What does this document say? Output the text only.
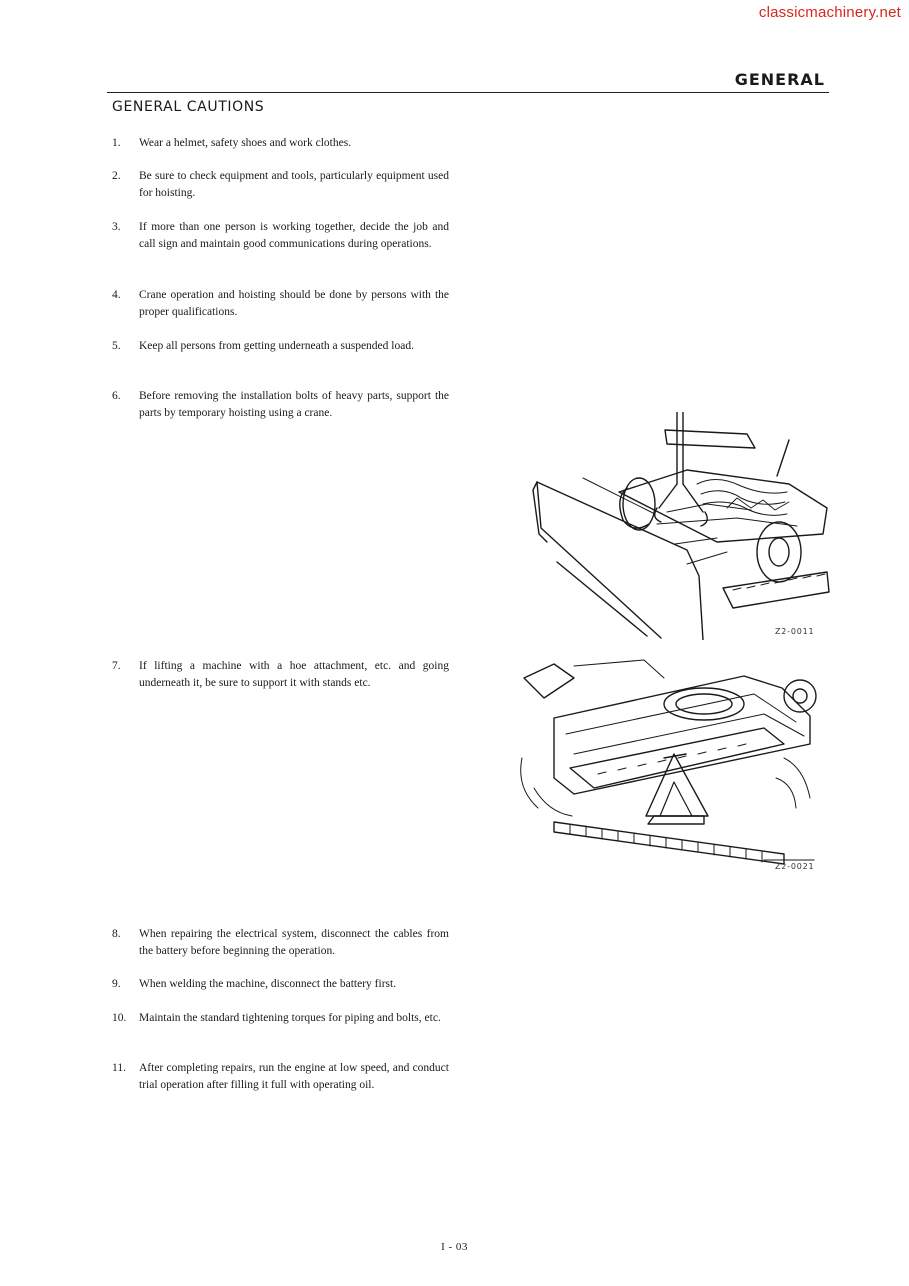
classicmachinery.net
GENERAL
GENERAL CAUTIONS
1. Wear a helmet, safety shoes and work clothes.
2. Be sure to check equipment and tools, particularly equipment used for hoisting.
3. If more than one person is working together, decide the job and call sign and maintain good communications during operations.
4. Crane operation and hoisting should be done by persons with the proper qualifications.
5. Keep all persons from getting underneath a suspended load.
6. Before removing the installation bolts of heavy parts, support the parts by temporary hoisting using a crane.
7. If lifting a machine with a hoe attachment, etc. and going underneath it, be sure to support it with stands etc.
8. When repairing the electrical system, disconnect the cables from the battery before beginning the operation.
9. When welding the machine, disconnect the battery first.
10. Maintain the standard tightening torques for piping and bolts, etc.
11. After completing repairs, run the engine at low speed, and conduct trial operation after filling it full with operating oil.
Z2-0011
Z2-0021
I - 03
